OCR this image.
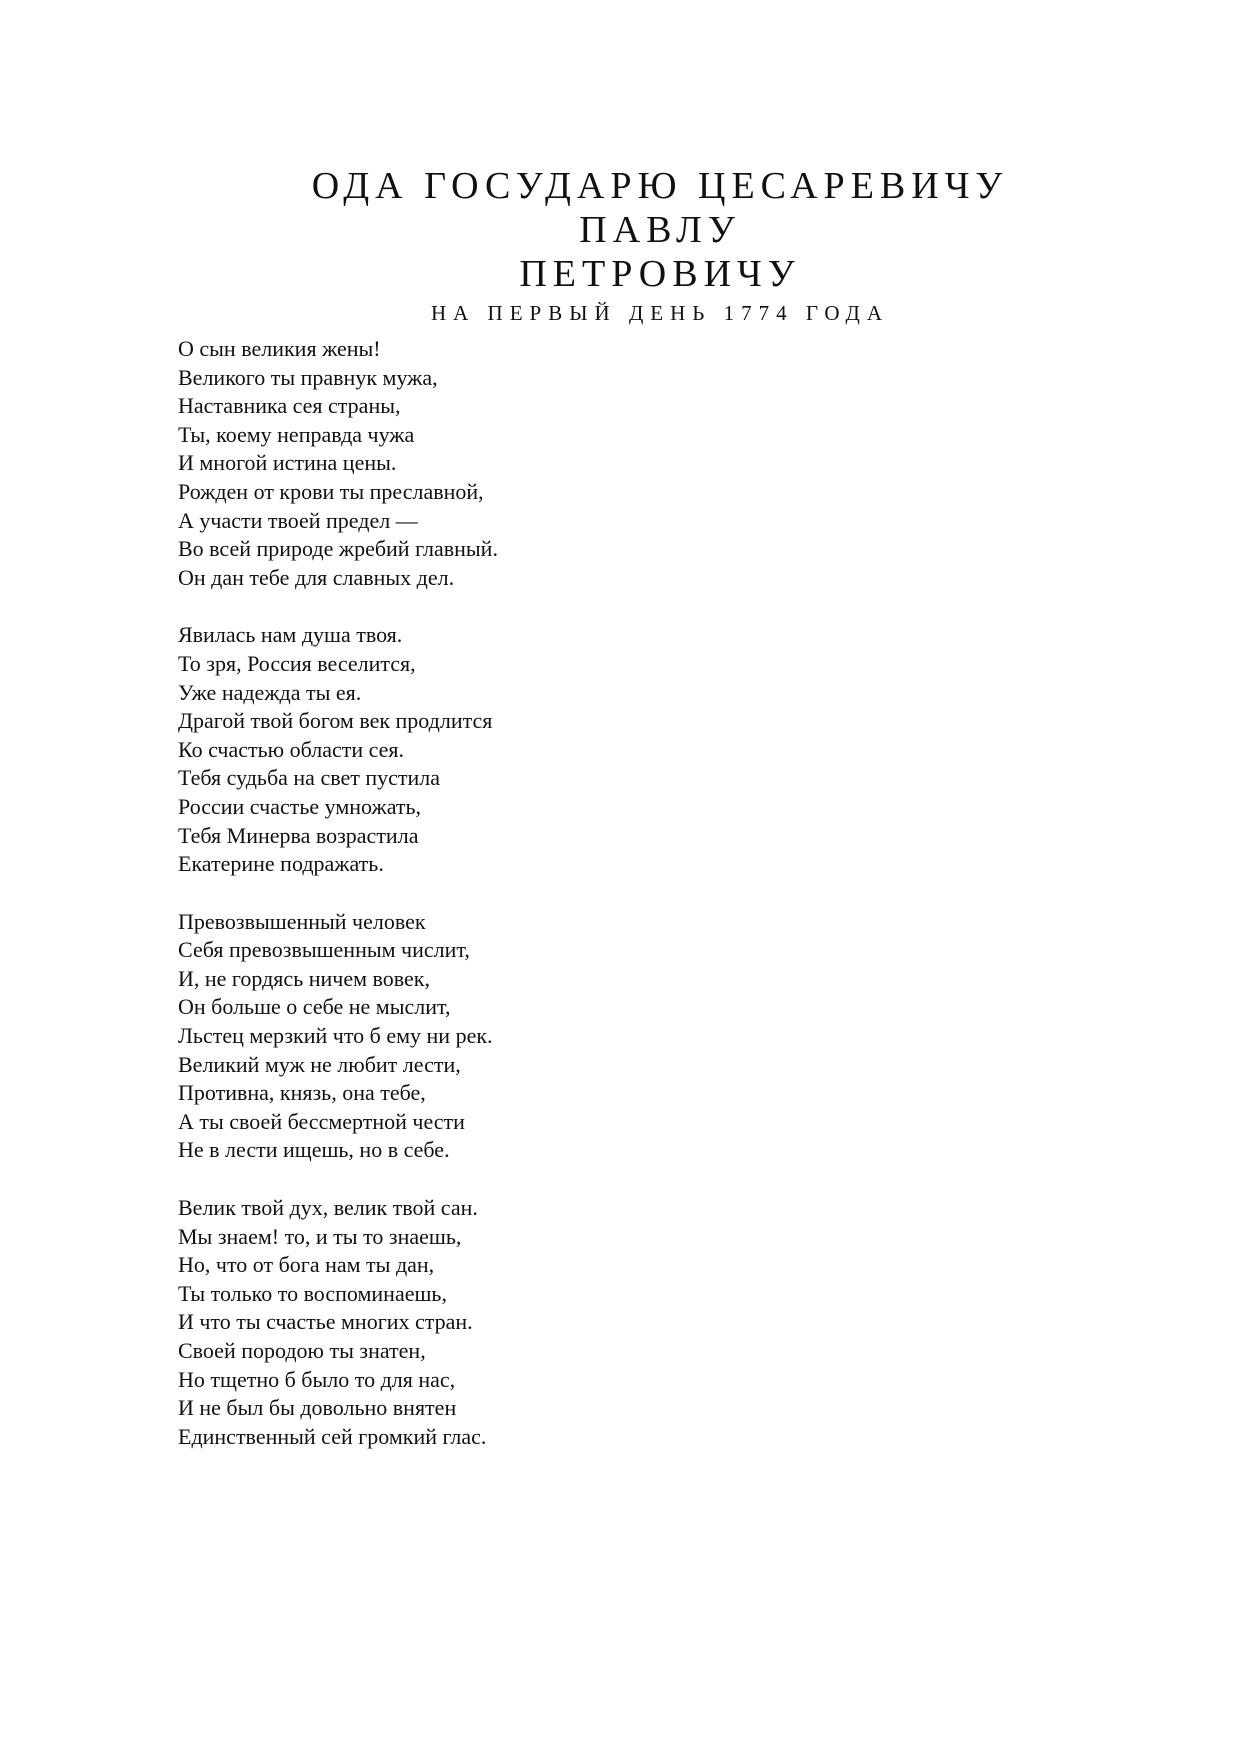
ОДА ГОСУДАРЮ ЦЕСАРЕВИЧУ ПАВЛУ
ПЕТРОВИЧУ
НА ПЕРВЫЙ ДЕНЬ 1774 ГОДА
О сын великия жены!
Великого ты правнук мужа,
Наставника сея страны,
Ты, коему неправда чужа
И многой истина цены.
Рожден от крови ты преславной,
А участи твоей предел —
Во всей природе жребий главный.
Он дан тебе для славных дел.
Явилась нам душа твоя.
То зря, Россия веселится,
Уже надежда ты ея.
Драгой твой богом век продлится
Ко счастью области сея.
Тебя судьба на свет пустила
России счастье умножать,
Тебя Минерва возрастила
Екатерине подражать.
Превозвышенный человек
Себя превозвышенным числит,
И, не гордясь ничем вовек,
Он больше о себе не мыслит,
Льстец мерзкий что б ему ни рек.
Великий муж не любит лести,
Противна, князь, она тебе,
А ты своей бессмертной чести
Не в лести ищешь, но в себе.
Велик твой дух, велик твой сан.
Мы знаем! то, и ты то знаешь,
Но, что от бога нам ты дан,
Ты только то воспоминаешь,
И что ты счастье многих стран.
Своей породою ты знатен,
Но тщетно б было то для нас,
И не был бы довольно внятен
Единственный сей громкий глас.
